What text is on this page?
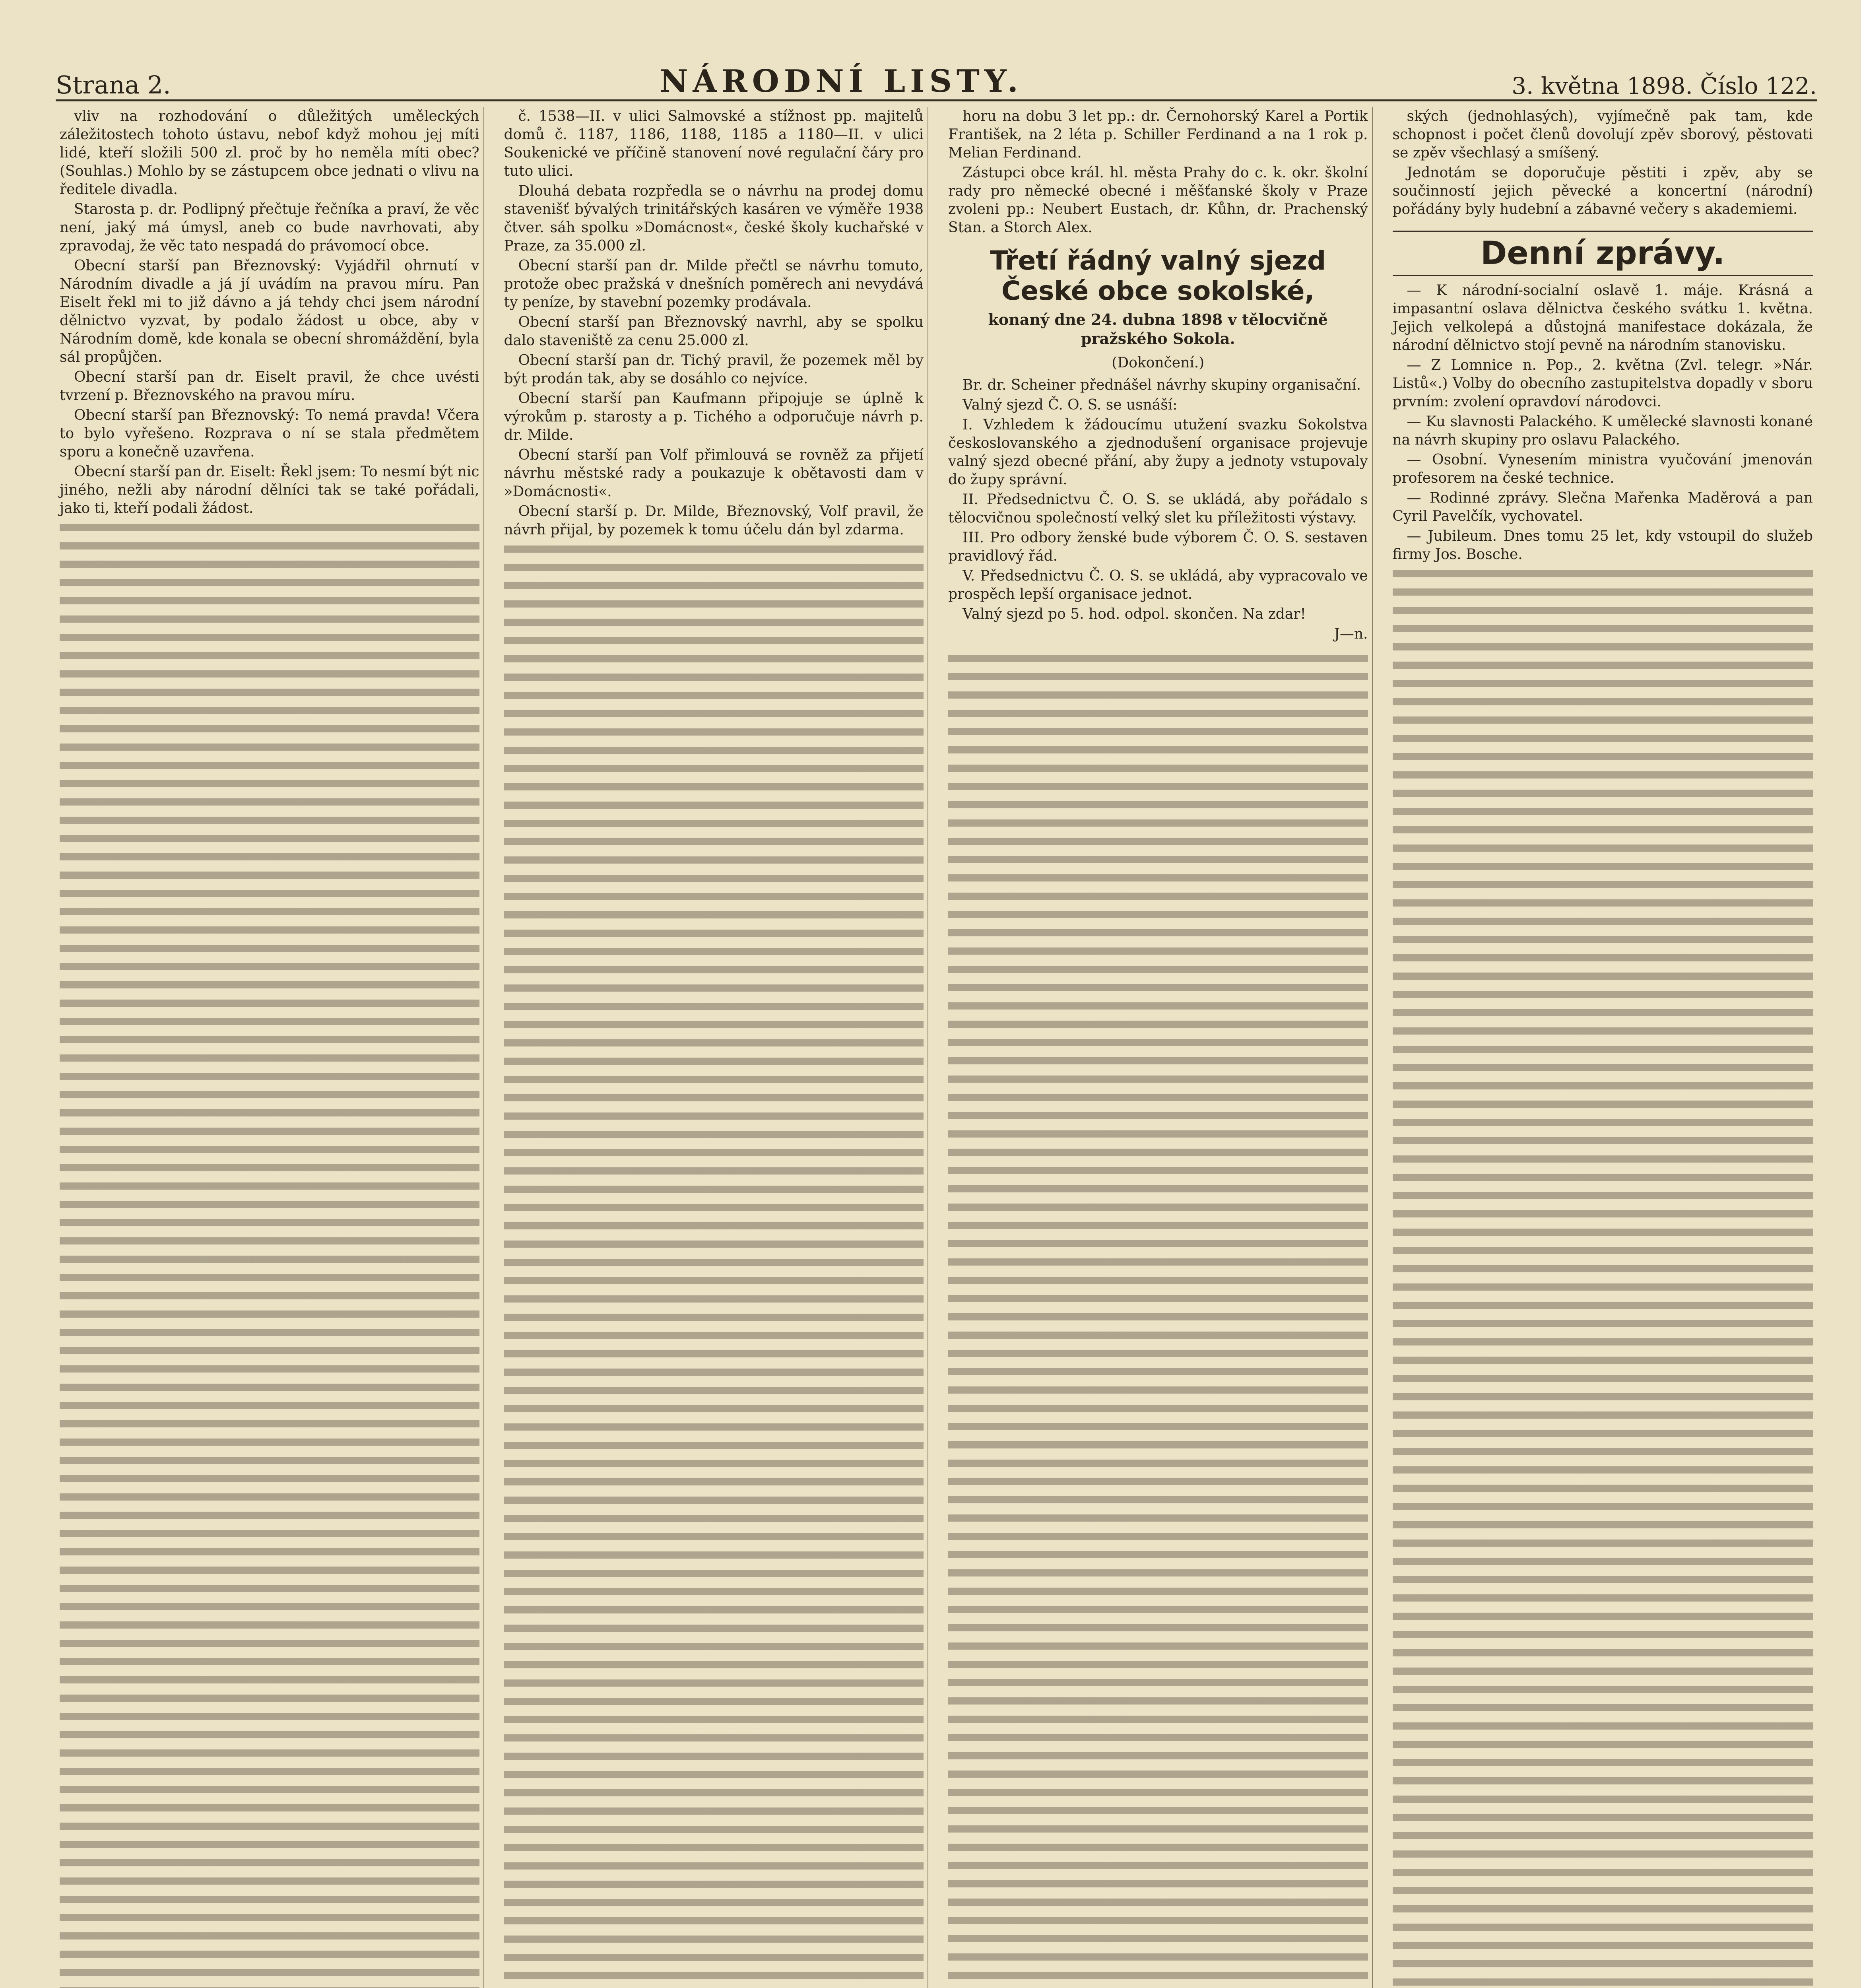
Strana 2.	NÁRODNÍ LISTY.	3. května 1898. Číslo 122.

vliv na rozhodování o důležitých uměleckých záležitostech tohoto ústavu, nebof když mohou jej míti lidé, kteří složili 500 zl. proč by ho neměla míti obec? (Souhlas.) Mohlo by se zástupcem obce jednati o vlivu na ředitele divadla.

Starosta p. dr. Podlipný přečtuje řečníka a praví, že věc není, jaký má úmysl, aneb co bude navrhovati, aby zpravodaj, že věc tato nespadá do právomocí obce.

Obecní starší pan Březnovský: Vyjádřil ohrnutí v Národním divadle a já jí uvádím na pravou míru. Pan Eiselt řekl mi to již dávno a já tehdy chci jsem národní dělnictvo vyzvat, by podalo žádost u obce, aby v Národním domě, kde konala se obecní shromáždění, byla sál propůjčen.

Obecní starší pan dr. Eiselt pravil, že chce uvésti tvrzení p. Březnovského na pravou míru.

Obecní starší pan Březnovský: To nemá pravda! Včera to bylo vyřešeno. Rozprava o ní se stala předmětem sporu a konečně uzavřena.

Obecní starší pan dr. Eiselt: Řekl jsem: To nesmí být nic jiného, nežli aby národní dělníci tak se také pořádali, jako ti, kteří podali žádost.

č. 1538—II. v ulici Salmovské a stížnost pp. majitelů domů č. 1187, 1186, 1188, 1185 a 1180—II. v ulici Soukenické ve příčině stanovení nové regulační čáry pro tuto ulici.

Dlouhá debata rozpředla se o návrhu na prodej domu stavenišť bývalých trinitářských kasáren ve výměře 1938 čtver. sáh spolku »Domácnost«, české školy kuchařské v Praze, za 35.000 zl.

Obecní starší pan dr. Milde přečtl se návrhu tomuto, protože obec pražská v dnešních poměrech ani nevydává ty peníze, by stavební pozemky prodávala.

Obecní starší pan Březnovský navrhl, aby se spolku dalo staveniště za cenu 25.000 zl.

Obecní starší pan dr. Tichý pravil, že pozemek měl by být prodán tak, aby se dosáhlo co nejvíce.

Obecní starší pan Kaufmann připojuje se úplně k výrokům p. starosty a p. Tichého a odporučuje návrh p. dr. Milde.

Obecní starší pan Volf přimlouvá se rovněž za přijetí návrhu městské rady a poukazuje k obětavosti dam v »Domácnosti«.

Obecní starší p. Dr. Milde, Březnovský, Volf pravil, že návrh přijal, by pozemek k tomu účelu dán byl zdarma.

horu na dobu 3 let pp.: dr. Černohorský Karel a Portik František, na 2 léta p. Schiller Ferdinand a na 1 rok p. Melian Ferdinand.

Zástupci obce král. hl. města Prahy do c. k. okr. školní rady pro německé obecné i měšťanské školy v Praze zvoleni pp.: Neubert Eustach, dr. Kůhn, dr. Prachenský Stan. a Storch Alex.

Třetí řádný valný sjezd České obce sokolské,
konaný dne 24. dubna 1898 v tělocvičně pražského Sokola.
(Dokončení.)

Br. dr. Scheiner přednášel návrhy skupiny organisační.

Valný sjezd Č. O. S. se usnáší:

I. Vzhledem k žádoucímu utužení svazku Sokolstva českoslovanského a zjednodušení organisace projevuje valný sjezd obecné přání, aby župy a jednoty vstupovaly do župy správní.

II. Předsednictvu Č. O. S. se ukládá, aby pořádalo s tělocvičnou společností velký slet ku příležitosti výstavy.

III. Pro odbory ženské bude výborem Č. O. S. sestaven pravidlový řád.

V. Předsednictvu Č. O. S. se ukládá, aby vypracovalo ve prospěch lepší organisace jednot.

Valný sjezd po 5. hod. odpol. skončen. Na zdar!

J—n.

ských (jednohlasých), vyjímečně pak tam, kde schopnost i počet členů dovolují zpěv sborový, pěstovati se zpěv všechlasý a smíšený.

Jednotám se doporučuje pěstiti i zpěv, aby se součinností jejich pěvecké a koncertní (národní) pořádány byly hudební a zábavné večery s akademiemi.

Denní zprávy.

— K národní-socialní oslavě 1. máje. Krásná a impasantní oslava dělnictva českého svátku 1. května. Jejich velkolepá a důstojná manifestace dokázala, že národní dělnictvo stojí pevně na národním stanovisku.

— Z Lomnice n. Pop., 2. května (Zvl. telegr. »Nár. Listů«.) Volby do obecního zastupitelstva dopadly v sboru prvním: zvolení opravdoví národovci.

— Ku slavnosti Palackého. K umělecké slavnosti konané na návrh skupiny pro oslavu Palackého.

— Osobní. Vynesením ministra vyučování jmenován profesorem na české technice.

— Rodinné zprávy. Slečna Mařenka Maděrová a pan Cyril Pavelčík, vychovatel.

— Jubileum. Dnes tomu 25 let, kdy vstoupil do služeb firmy Jos. Bosche.
